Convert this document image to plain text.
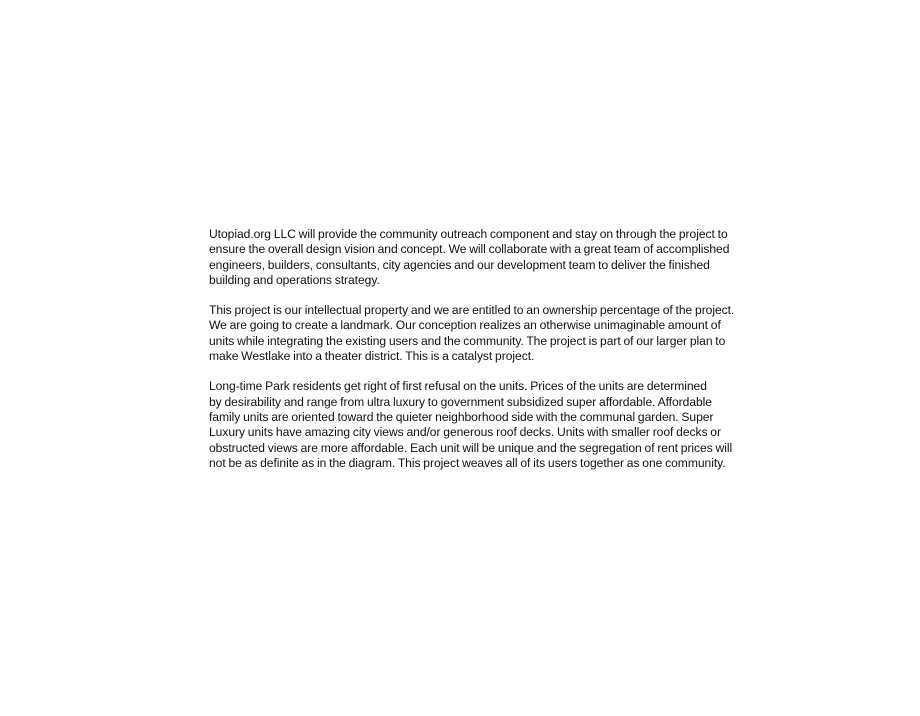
Utopiad.org LLC will provide the community outreach component and stay on through the project to
ensure the overall design vision and concept. We will collaborate with a great team of accomplished
engineers, builders, consultants, city agencies and our development team to deliver the finished
building and operations strategy.

This project is our intellectual property and we are entitled to an ownership percentage of the project.
We are going to create a landmark. Our conception realizes an otherwise unimaginable amount of
units while integrating the existing users and the community. The project is part of our larger plan to
make Westlake into a theater district. This is a catalyst project.

Long-time Park residents get right of first refusal on the units. Prices of the units are determined
by desirability and range from ultra luxury to government subsidized super affordable. Affordable
family units are oriented toward the quieter neighborhood side with the communal garden. Super
Luxury units have amazing city views and/or generous roof decks. Units with smaller roof decks or
obstructed views are more affordable. Each unit will be unique and the segregation of rent prices will
not be as definite as in the diagram. This project weaves all of its users together as one community.
